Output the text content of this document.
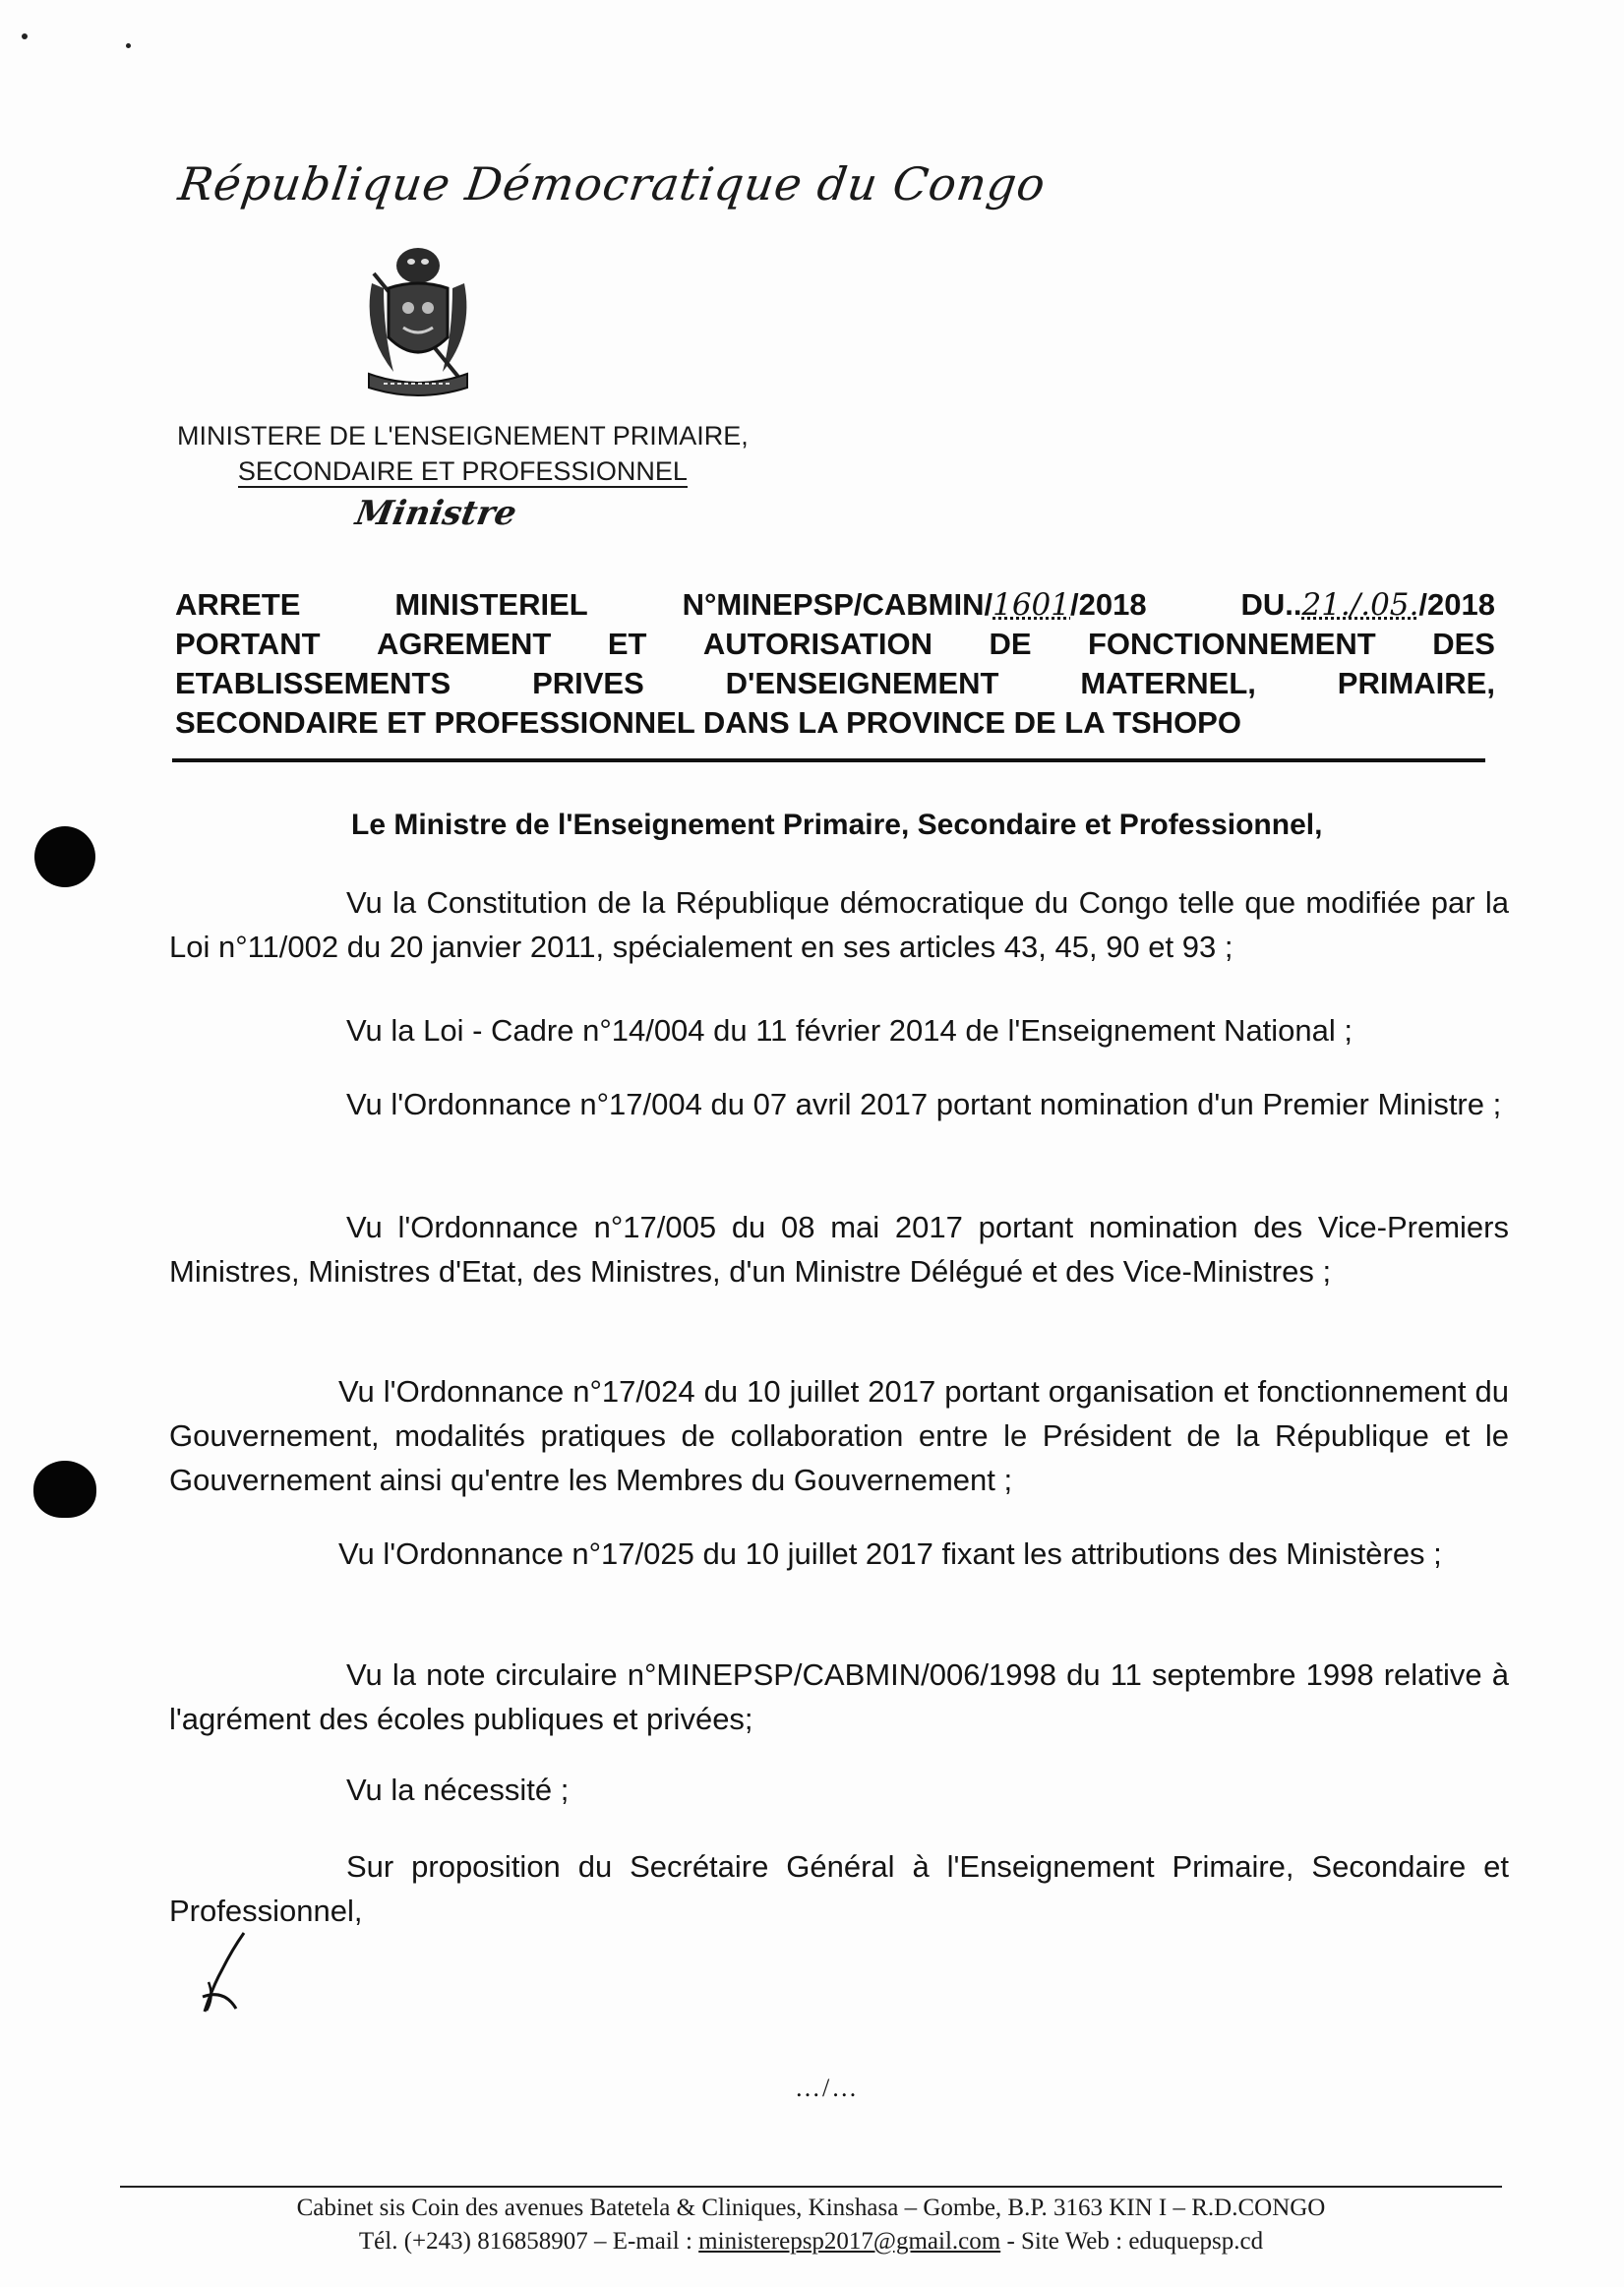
République Démocratique du Congo
MINISTERE DE L'ENSEIGNEMENT PRIMAIRE,
SECONDAIRE ET PROFESSIONNEL
Ministre
ARRETE	MINISTERIEL	N°MINEPSP/CABMIN/1601/2018	DU..21./.05./2018
PORTANT AGREMENT ET AUTORISATION DE FONCTIONNEMENT DES
ETABLISSEMENTS	PRIVES	D'ENSEIGNEMENT	MATERNEL,	PRIMAIRE,
SECONDAIRE ET PROFESSIONNEL DANS LA PROVINCE DE LA TSHOPO
Le Ministre de l'Enseignement Primaire, Secondaire et Professionnel,
Vu la Constitution de la République démocratique du Congo telle que modifiée par la Loi n°11/002 du 20 janvier 2011, spécialement en ses articles 43, 45, 90 et 93 ;
Vu la Loi - Cadre n°14/004 du 11 février 2014 de l'Enseignement National ;
Vu l'Ordonnance n°17/004 du 07 avril 2017 portant nomination d'un Premier Ministre ;
Vu l'Ordonnance n°17/005 du 08 mai 2017 portant nomination des Vice-Premiers Ministres, Ministres d'Etat, des Ministres, d'un Ministre Délégué et des Vice-Ministres ;
Vu l'Ordonnance n°17/024 du 10 juillet 2017 portant organisation et fonctionnement du Gouvernement, modalités pratiques de collaboration entre le Président de la République et le Gouvernement ainsi qu'entre les Membres du Gouvernement ;
Vu l'Ordonnance n°17/025 du 10 juillet 2017 fixant les attributions des Ministères ;
Vu la note circulaire n°MINEPSP/CABMIN/006/1998 du 11 septembre 1998 relative à l'agrément des écoles publiques et privées;
Vu la nécessité ;
Sur proposition du Secrétaire Général à l'Enseignement Primaire, Secondaire et Professionnel,
…/…
Cabinet sis Coin des avenues Batetela & Cliniques, Kinshasa – Gombe, B.P. 3163 KIN I – R.D.CONGO
Tél. (+243) 816858907 – E-mail : ministerepsp2017@gmail.com - Site Web : eduquepsp.cd
